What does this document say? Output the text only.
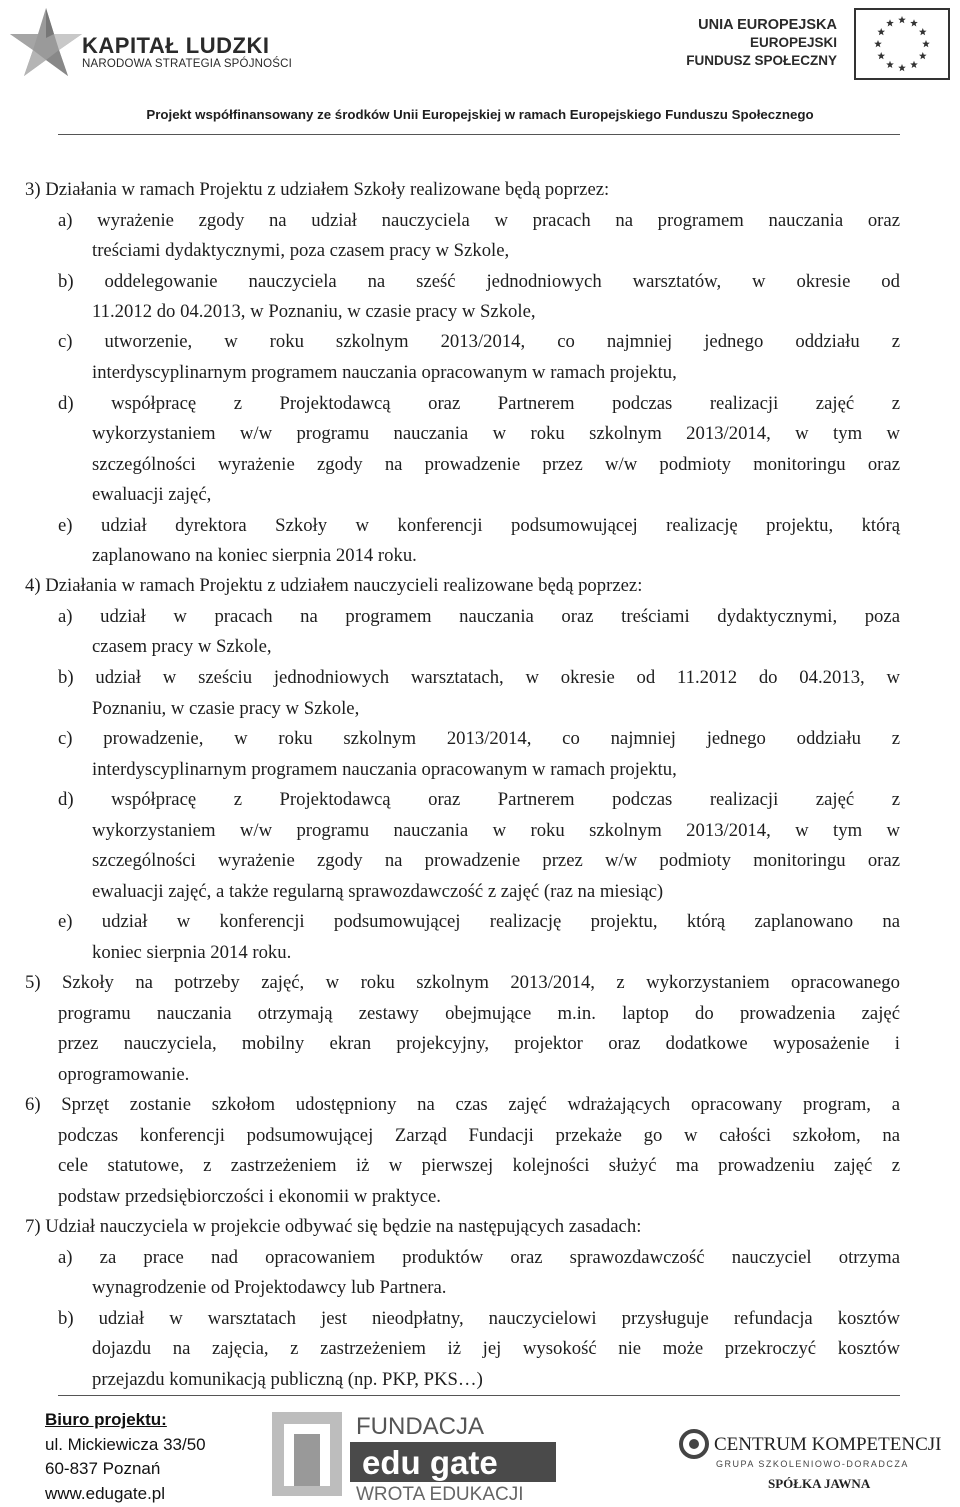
KAPITAŁ LUDZKI
NARODOWA STRATEGIA SPÓJNOŚCI
UNIA EUROPEJSKA
EUROPEJSKI
FUNDUSZ SPOŁECZNY
Projekt współfinansowany ze środków Unii Europejskiej w ramach Europejskiego Funduszu Społecznego
3) Działania w ramach Projektu z udziałem Szkoły realizowane będą poprzez:
a) wyrażenie zgody na udział nauczyciela w pracach na programem nauczania oraz
treściami dydaktycznymi, poza czasem pracy w Szkole,
b) oddelegowanie nauczyciela na sześć jednodniowych warsztatów, w okresie od
11.2012 do 04.2013, w Poznaniu, w czasie pracy w Szkole,
c) utworzenie, w roku szkolnym 2013/2014, co najmniej jednego oddziału z
interdyscyplinarnym programem nauczania opracowanym w ramach projektu,
d) współpracę z Projektodawcą oraz Partnerem podczas realizacji zajęć z
wykorzystaniem w/w programu nauczania w roku szkolnym 2013/2014, w tym w
szczególności wyrażenie zgody na prowadzenie przez w/w podmioty monitoringu oraz
ewaluacji zajęć,
e) udział dyrektora Szkoły w konferencji podsumowującej realizację projektu, którą
zaplanowano na koniec sierpnia 2014 roku.
4) Działania w ramach Projektu z udziałem nauczycieli realizowane będą poprzez:
a) udział w pracach na programem nauczania oraz treściami dydaktycznymi, poza
czasem pracy w Szkole,
b) udział w sześciu jednodniowych warsztatach, w okresie od 11.2012 do 04.2013, w
Poznaniu, w czasie pracy w Szkole,
c) prowadzenie, w roku szkolnym 2013/2014, co najmniej jednego oddziału z
interdyscyplinarnym programem nauczania opracowanym w ramach projektu,
d) współpracę z Projektodawcą oraz Partnerem podczas realizacji zajęć z
wykorzystaniem w/w programu nauczania w roku szkolnym 2013/2014, w tym w
szczególności wyrażenie zgody na prowadzenie przez w/w podmioty monitoringu oraz
ewaluacji zajęć, a także regularną sprawozdawczość z zajęć (raz na miesiąc)
e) udział w konferencji podsumowującej realizację projektu, którą zaplanowano na
koniec sierpnia 2014 roku.
5) Szkoły na potrzeby zajęć, w roku szkolnym 2013/2014, z wykorzystaniem opracowanego
programu nauczania otrzymają zestawy obejmujące m.in. laptop do prowadzenia zajęć
przez nauczyciela, mobilny ekran projekcyjny, projektor oraz dodatkowe wyposażenie i
oprogramowanie.
6) Sprzęt zostanie szkołom udostępniony na czas zajęć wdrażających opracowany program, a
podczas konferencji podsumowującej Zarząd Fundacji przekaże go w całości szkołom, na
cele statutowe, z zastrzeżeniem iż w pierwszej kolejności służyć ma prowadzeniu zajęć z
podstaw przedsiębiorczości i ekonomii w praktyce.
7) Udział nauczyciela w projekcie odbywać się będzie na następujących zasadach:
a) za prace nad opracowaniem produktów oraz sprawozdawczość nauczyciel otrzyma
wynagrodzenie od Projektodawcy lub Partnera.
b) udział w warsztatach jest nieodpłatny, nauczycielowi przysługuje refundacja kosztów
dojazdu na zajęcia, z zastrzeżeniem iż jej wysokość nie może przekroczyć kosztów
przejazdu komunikacją publiczną (np. PKP, PKS…)
Biuro projektu:
ul. Mickiewicza 33/50
60-837 Poznań
www.edugate.pl
FUNDACJA
edu gate
WROTA EDUKACJI
CENTRUM KOMPETENCJI
GRUPA SZKOLENIOWO-DORADCZA
SPÓŁKA JAWNA
